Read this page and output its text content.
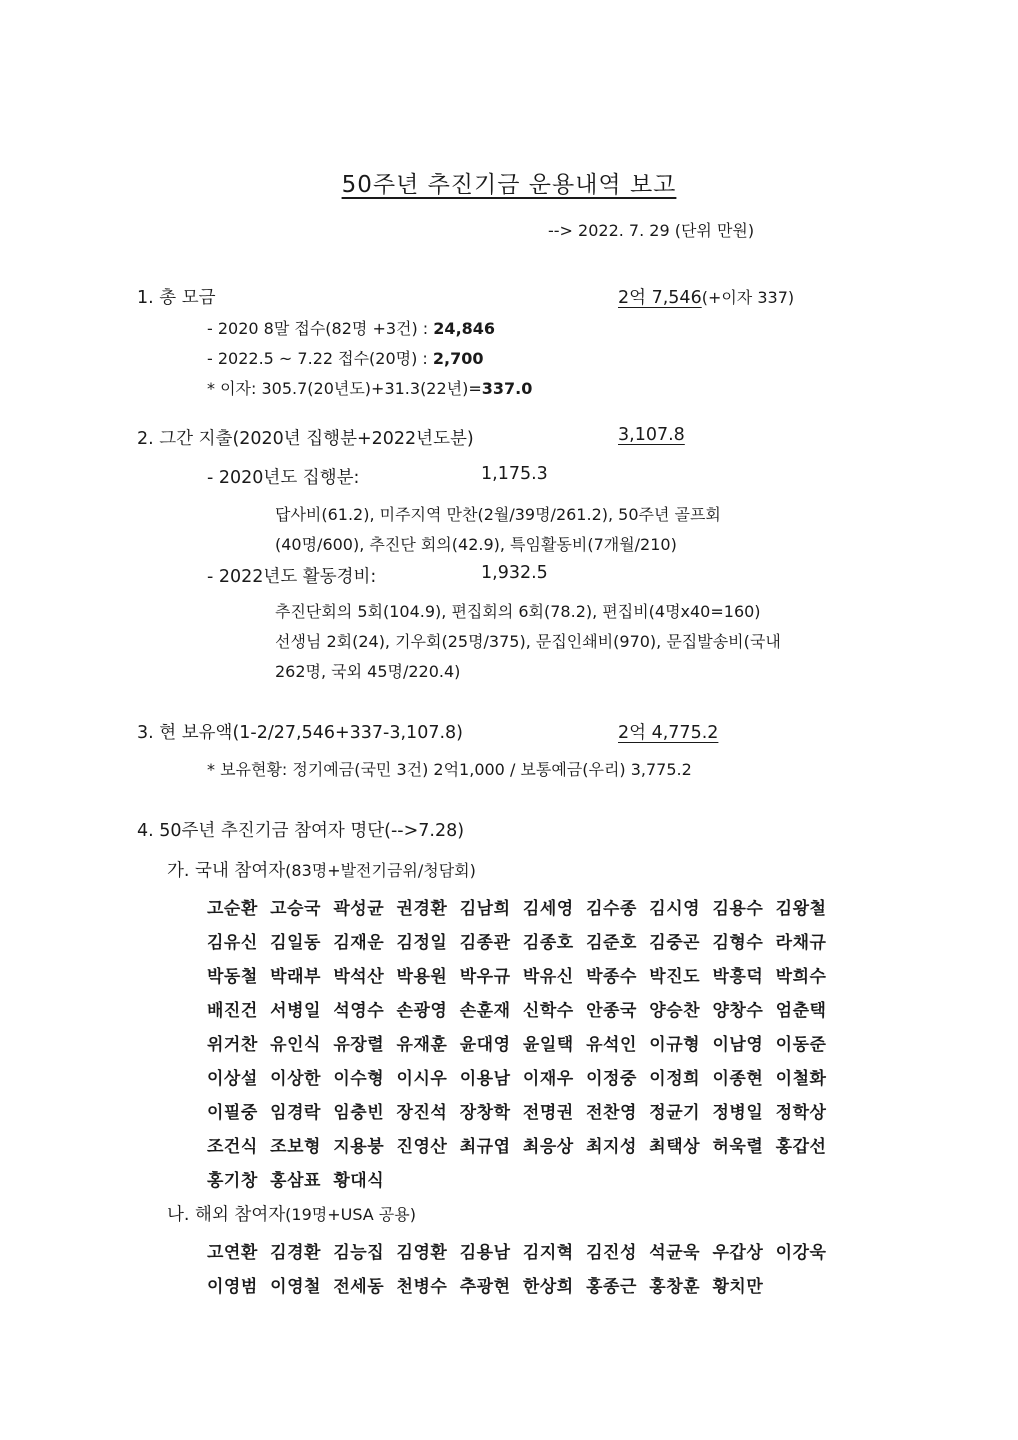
50주년 추진기금 운용내역 보고
--> 2022. 7. 29 (단위 만원)
1. 총 모금	2억 7,546(+이자 337)
- 2020 8말 접수(82명 +3건) : 24,846
- 2022.5 ~ 7.22 접수(20명) : 2,700
* 이자: 305.7(20년도)+31.3(22년)=337.0
2. 그간 지출(2020년 집행분+2022년도분)	3,107.8
- 2020년도 집행분:	1,175.3
답사비(61.2), 미주지역 만찬(2월/39명/261.2), 50주년 골프회
(40명/600), 추진단 회의(42.9), 특임활동비(7개월/210)
- 2022년도 활동경비:	1,932.5
추진단회의 5회(104.9), 편집회의 6회(78.2), 편집비(4명x40=160)
선생님 2회(24), 기우회(25명/375), 문집인쇄비(970), 문집발송비(국내
262명, 국외 45명/220.4)
3. 현 보유액(1-2/27,546+337-3,107.8)	2억 4,775.2
* 보유현황: 정기예금(국민 3건) 2억1,000 / 보통예금(우리) 3,775.2
4. 50주년 추진기금 참여자 명단(-->7.28)
가. 국내 참여자(83명+발전기금위/청담회)
고순환 고승국 곽성균 권경환 김남희 김세영 김수종 김시영 김용수 김왕철
김유신 김일동 김재운 김정일 김종관 김종호 김준호 김중곤 김형수 라채규
박동철 박래부 박석산 박용원 박우규 박유신 박종수 박진도 박흥덕 박희수
배진건 서병일 석영수 손광영 손훈재 신학수 안종국 양승찬 양창수 엄춘택
위거찬 유인식 유장렬 유재훈 윤대영 윤일택 유석인 이규형 이남영 이동준
이상설 이상한 이수형 이시우 이용남 이재우 이정중 이정희 이종현 이철화
이필중 임경락 임충빈 장진석 장창학 전명권 전찬영 정균기 정병일 정학상
조건식 조보형 지용붕 진영산 최규엽 최응상 최지성 최택상 허욱렬 홍갑선
홍기창 홍삼표 황대식
나. 해외 참여자(19명+USA 공용)
고연환 김경환 김능집 김영환 김용남 김지혁 김진성 석균욱 우갑상 이강욱
이영범 이영철 전세동 천병수 추광현 한상희 홍종근 홍창훈 황치만
